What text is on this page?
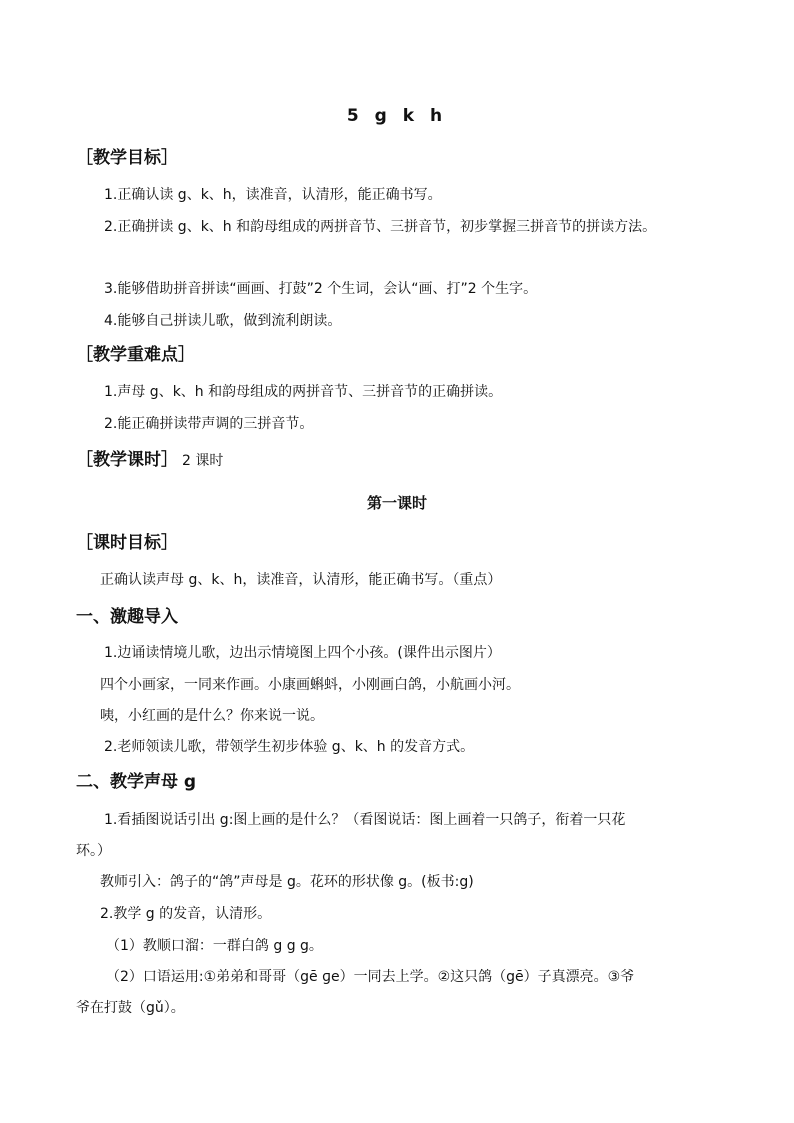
5 g k h
［教学目标］
1.正确认读 g、k、h，读准音，认清形，能正确书写。
2.正确拼读 g、k、h 和韵母组成的两拼音节、三拼音节，初步掌握三拼音节的拼读方法。
3.能够借助拼音拼读“画画、打鼓”2 个生词，会认“画、打”2 个生字。
4.能够自己拼读儿歌，做到流利朗读。
［教学重难点］
1.声母 g、k、h 和韵母组成的两拼音节、三拼音节的正确拼读。
2.能正确拼读带声调的三拼音节。
［教学课时］ 2 课时
第一课时
［课时目标］
正确认读声母 g、k、h，读准音，认清形，能正确书写。（重点）
一、激趣导入
1.边诵读情境儿歌，边出示情境图上四个小孩。(课件出示图片）
四个小画家，一同来作画。小康画蝌蚪，小刚画白鸽，小航画小河。
咦，小红画的是什么？你来说一说。
2.老师领读儿歌，带领学生初步体验 g、k、h 的发音方式。
二、教学声母 g
1.看插图说话引出 g:图上画的是什么？（看图说话：图上画着一只鸽子，衔着一只花
环。）
教师引入：鸽子的“鸽”声母是 g。花环的形状像 g。(板书:g)
2.教学 g 的发音，认清形。
（1）教顺口溜：一群白鸽 g g g。
（2）口语运用:①弟弟和哥哥（gē ɡe）一同去上学。②这只鸽（gē）子真漂亮。③爷
爷在打鼓（gǔ）。
